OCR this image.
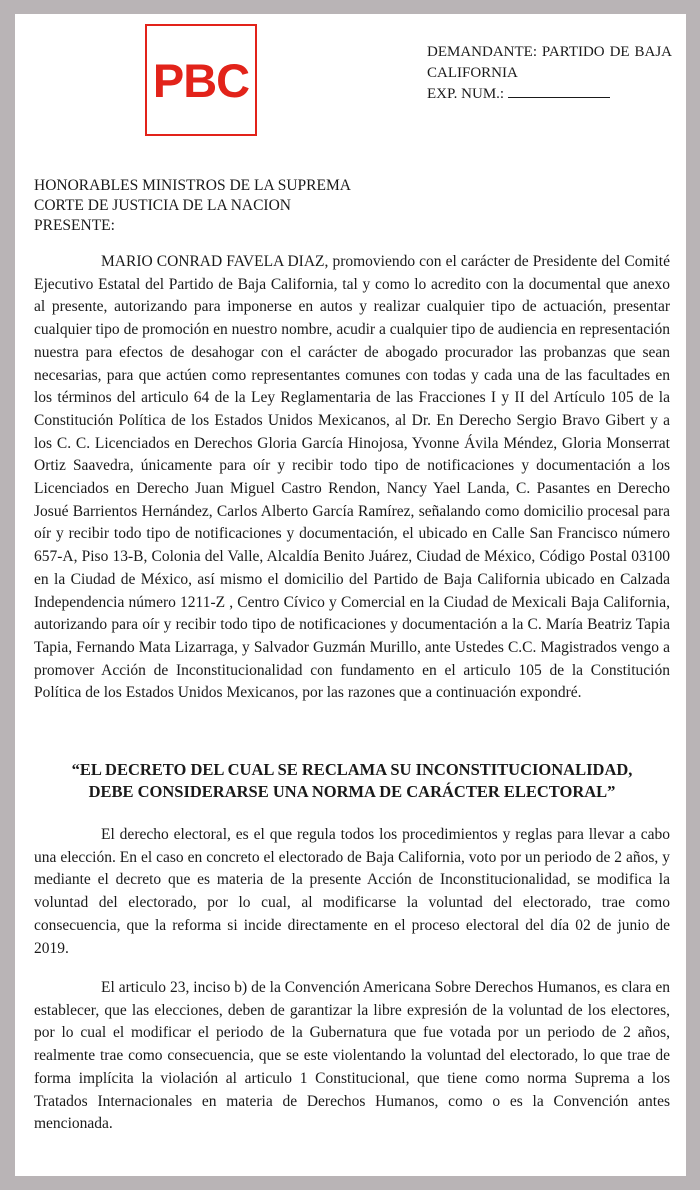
PBC
DEMANDANTE: PARTIDO DE BAJA CALIFORNIA
EXP. NUM.:
HONORABLES MINISTROS DE LA SUPREMA
CORTE DE JUSTICIA DE LA NACION
PRESENTE:
MARIO CONRAD FAVELA DIAZ, promoviendo con el carácter de Presidente del Comité Ejecutivo Estatal del Partido de Baja California, tal y como lo acredito con la documental que anexo al presente, autorizando para imponerse en autos y realizar cualquier tipo de actuación, presentar cualquier tipo de promoción en nuestro nombre, acudir a cualquier tipo de audiencia en representación nuestra para efectos de desahogar con el carácter de abogado procurador las probanzas que sean necesarias, para que actúen como representantes comunes con todas y cada una de las facultades en los términos del articulo 64 de la Ley Reglamentaria de las Fracciones I y II del Artículo 105 de la Constitución Política de los Estados Unidos Mexicanos, al Dr. En Derecho Sergio Bravo Gibert y a los C. C. Licenciados en Derechos Gloria García Hinojosa, Yvonne Ávila Méndez, Gloria Monserrat Ortiz Saavedra, únicamente para oír y recibir todo tipo de notificaciones y documentación a los Licenciados en Derecho Juan Miguel Castro Rendon, Nancy Yael Landa, C. Pasantes en Derecho Josué Barrientos Hernández, Carlos Alberto García Ramírez, señalando como domicilio procesal para oír y recibir todo tipo de notificaciones y documentación, el ubicado en Calle San Francisco número 657-A, Piso 13-B, Colonia del Valle, Alcaldía Benito Juárez, Ciudad de México, Código Postal 03100 en la Ciudad de México, así mismo el domicilio del Partido de Baja California ubicado en Calzada Independencia número 1211-Z , Centro Cívico y Comercial en la Ciudad de Mexicali Baja California, autorizando para oír y recibir todo tipo de notificaciones y documentación a la C. María Beatriz Tapia Tapia, Fernando Mata Lizarraga, y Salvador Guzmán Murillo, ante Ustedes C.C. Magistrados vengo a promover Acción de Inconstitucionalidad con fundamento en el articulo 105 de la Constitución Política de los Estados Unidos Mexicanos, por las razones que a continuación expondré.
“EL DECRETO DEL CUAL SE RECLAMA SU INCONSTITUCIONALIDAD,
DEBE CONSIDERARSE UNA NORMA DE CARÁCTER ELECTORAL”
El derecho electoral, es el que regula todos los procedimientos y reglas para llevar a cabo una elección. En el caso en concreto el electorado de Baja California, voto por un periodo de 2 años, y mediante el decreto que es materia de la presente Acción de Inconstitucionalidad, se modifica la voluntad del electorado, por lo cual, al modificarse la voluntad del electorado, trae como consecuencia, que la reforma si incide directamente en el proceso electoral del día 02 de junio de 2019.
El articulo 23, inciso b) de la Convención Americana Sobre Derechos Humanos, es clara en establecer, que las elecciones, deben de garantizar la libre expresión de la voluntad de los electores, por lo cual el modificar el periodo de la Gubernatura que fue votada por un periodo de 2 años, realmente trae como consecuencia, que se este violentando la voluntad del electorado, lo que trae de forma implícita la violación al articulo 1 Constitucional, que tiene como norma Suprema a los Tratados Internacionales en materia de Derechos Humanos, como o es la Convención antes mencionada.
